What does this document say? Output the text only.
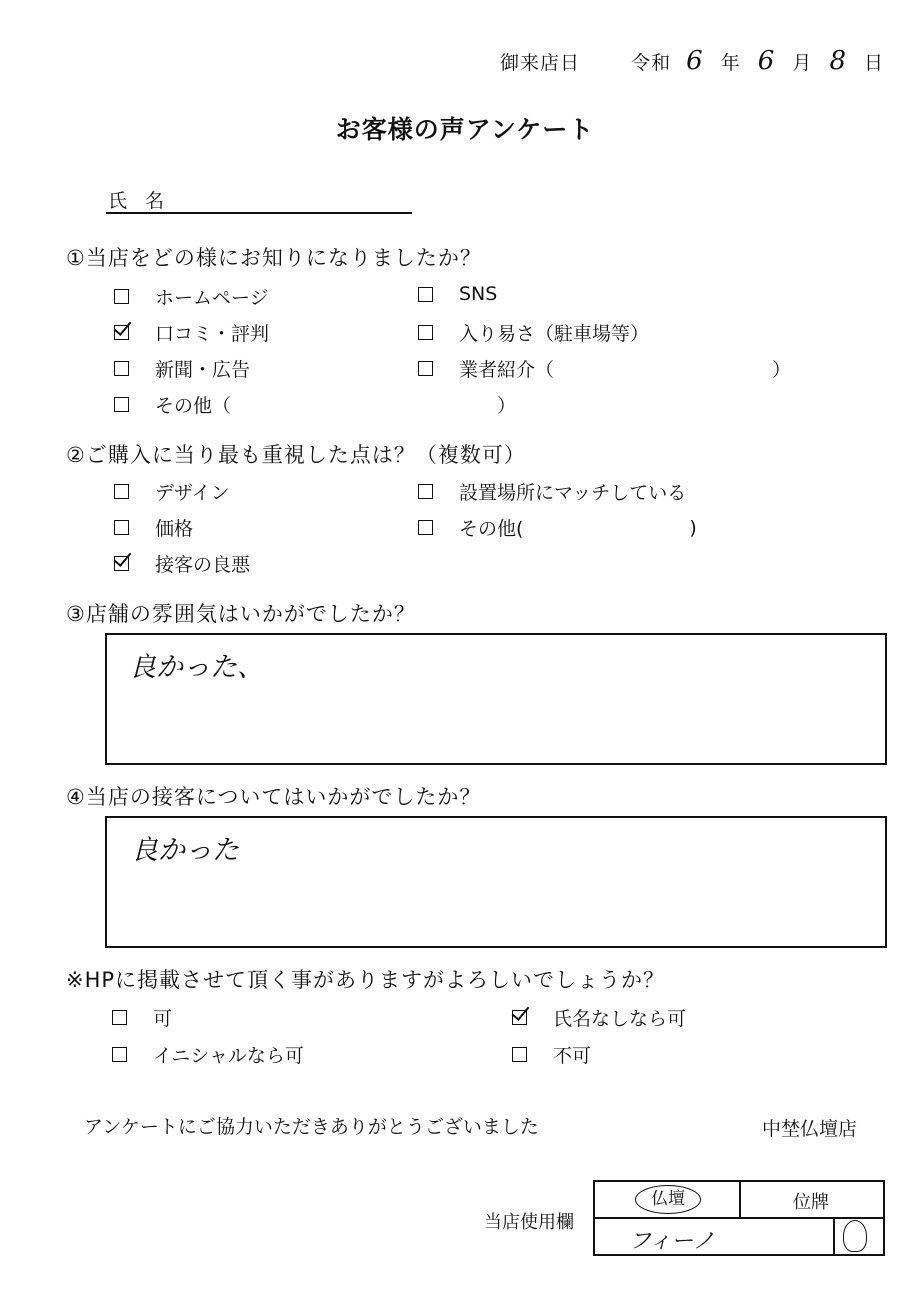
御来店日	令和 6 年 6 月 8 日
お客様の声アンケート
氏名
①当店をどの様にお知りになりましたか？
ホームページ	SNS
口コミ・評判	入り易さ（駐車場等）
新聞・広告	業者紹介（	）
その他（	）
②ご購入に当り最も重視した点は？（複数可）
デザイン	設置場所にマッチしている
価格	その他(	)
接客の良悪
③店舗の雰囲気はいかがでしたか？
良かった、
④当店の接客についてはいかがでしたか？
良かった
※HPに掲載させて頂く事がありますがよろしいでしょうか？
可	氏名なしなら可
イニシャルなら可	不可
アンケートにご協力いただきありがとうございました	中埜仏壇店
当店使用欄
仏壇	位牌
フィーノ
